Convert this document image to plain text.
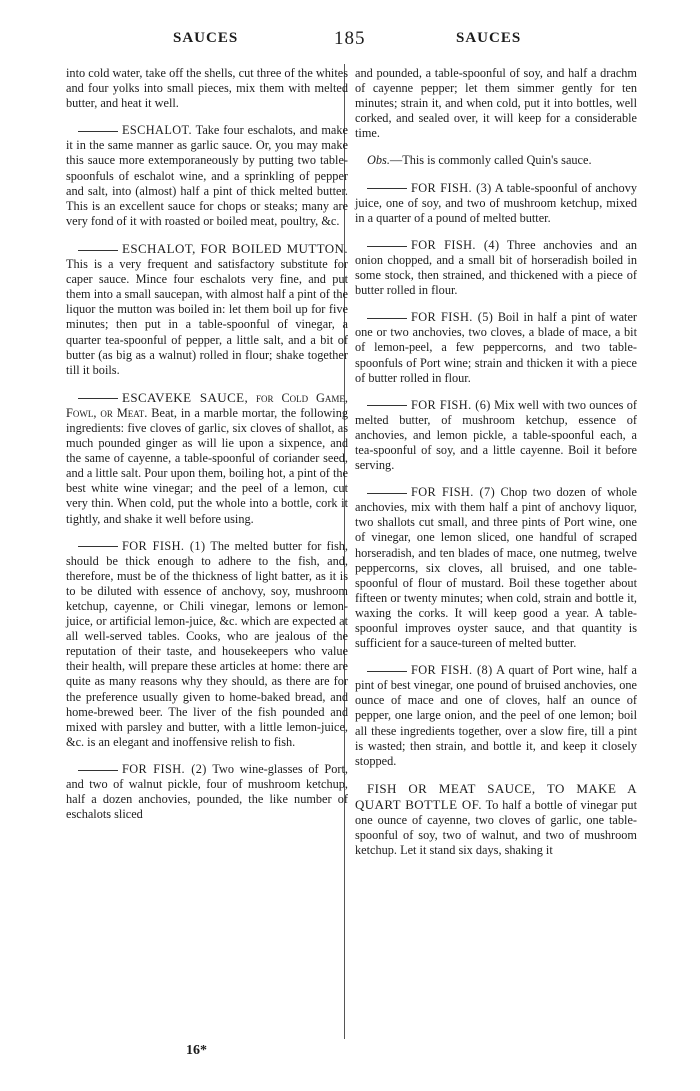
SAUCES	185	SAUCES

into cold water, take off the shells, cut three of the whites and four yolks into small pieces, mix them with melted butter, and heat it well.

ESCHALOT. Take four eschalots, and make it in the same manner as garlic sauce. Or, you may make this sauce more extemporaneously by putting two table-spoonfuls of eschalot wine, and a sprinkling of pepper and salt, into (almost) half a pint of thick melted butter. This is an excellent sauce for chops or steaks; many are very fond of it with roasted or boiled meat, poultry, &c.

ESCHALOT, FOR BOILED MUTTON. This is a very frequent and satisfactory substitute for caper sauce. Mince four eschalots very fine, and put them into a small saucepan, with almost half a pint of the liquor the mutton was boiled in: let them boil up for five minutes; then put in a table-spoonful of vinegar, a quarter tea-spoonful of pepper, a little salt, and a bit of butter (as big as a walnut) rolled in flour; shake together till it boils.

ESCAVEKE SAUCE, for Cold Game, Fowl, or Meat. Beat, in a marble mortar, the following ingredients: five cloves of garlic, six cloves of shallot, as much pounded ginger as will lie upon a sixpence, and the same of cayenne, a table-spoonful of coriander seed, and a little salt. Pour upon them, boiling hot, a pint of the best white wine vinegar; and the peel of a lemon, cut very thin. When cold, put the whole into a bottle, cork it tightly, and shake it well before using.

FOR FISH. (1) The melted butter for fish, should be thick enough to adhere to the fish, and, therefore, must be of the thickness of light batter, as it is to be diluted with essence of anchovy, soy, mushroom ketchup, cayenne, or Chili vinegar, lemons or lemon-juice, or artificial lemon-juice, &c. which are expected at all well-served tables. Cooks, who are jealous of the reputation of their taste, and housekeepers who value their health, will prepare these articles at home: there are quite as many reasons why they should, as there are for the preference usually given to home-baked bread, and home-brewed beer. The liver of the fish pounded and mixed with parsley and butter, with a little lemon-juice, &c. is an elegant and inoffensive relish to fish.

FOR FISH. (2) Two wine-glasses of Port, and two of walnut pickle, four of mushroom ketchup, half a dozen anchovies, pounded, the like number of eschalots sliced

and pounded, a table-spoonful of soy, and half a drachm of cayenne pepper; let them simmer gently for ten minutes; strain it, and when cold, put it into bottles, well corked, and sealed over, it will keep for a considerable time.

Obs.—This is commonly called Quin's sauce.

FOR FISH. (3) A table-spoonful of anchovy juice, one of soy, and two of mushroom ketchup, mixed in a quarter of a pound of melted butter.

FOR FISH. (4) Three anchovies and an onion chopped, and a small bit of horseradish boiled in some stock, then strained, and thickened with a piece of butter rolled in flour.

FOR FISH. (5) Boil in half a pint of water one or two anchovies, two cloves, a blade of mace, a bit of lemon-peel, a few peppercorns, and two table-spoonfuls of Port wine; strain and thicken it with a piece of butter rolled in flour.

FOR FISH. (6) Mix well with two ounces of melted butter, of mushroom ketchup, essence of anchovies, and lemon pickle, a table-spoonful each, a tea-spoonful of soy, and a little cayenne. Boil it before serving.

FOR FISH. (7) Chop two dozen of whole anchovies, mix with them half a pint of anchovy liquor, two shallots cut small, and three pints of Port wine, one of vinegar, one lemon sliced, one handful of scraped horseradish, and ten blades of mace, one nutmeg, twelve peppercorns, six cloves, all bruised, and one table-spoonful of flour of mustard. Boil these together about fifteen or twenty minutes; when cold, strain and bottle it, waxing the corks. It will keep good a year. A table-spoonful improves oyster sauce, and that quantity is sufficient for a sauce-tureen of melted butter.

FOR FISH. (8) A quart of Port wine, half a pint of best vinegar, one pound of bruised anchovies, one ounce of mace and one of cloves, half an ounce of pepper, one large onion, and the peel of one lemon; boil all these ingredients together, over a slow fire, till a pint is wasted; then strain, and bottle it, and keep it closely stopped.

FISH OR MEAT SAUCE, TO MAKE A QUART BOTTLE OF. To half a bottle of vinegar put one ounce of cayenne, two cloves of garlic, one table-spoonful of soy, two of walnut, and two of mushroom ketchup. Let it stand six days, shaking it

16*
